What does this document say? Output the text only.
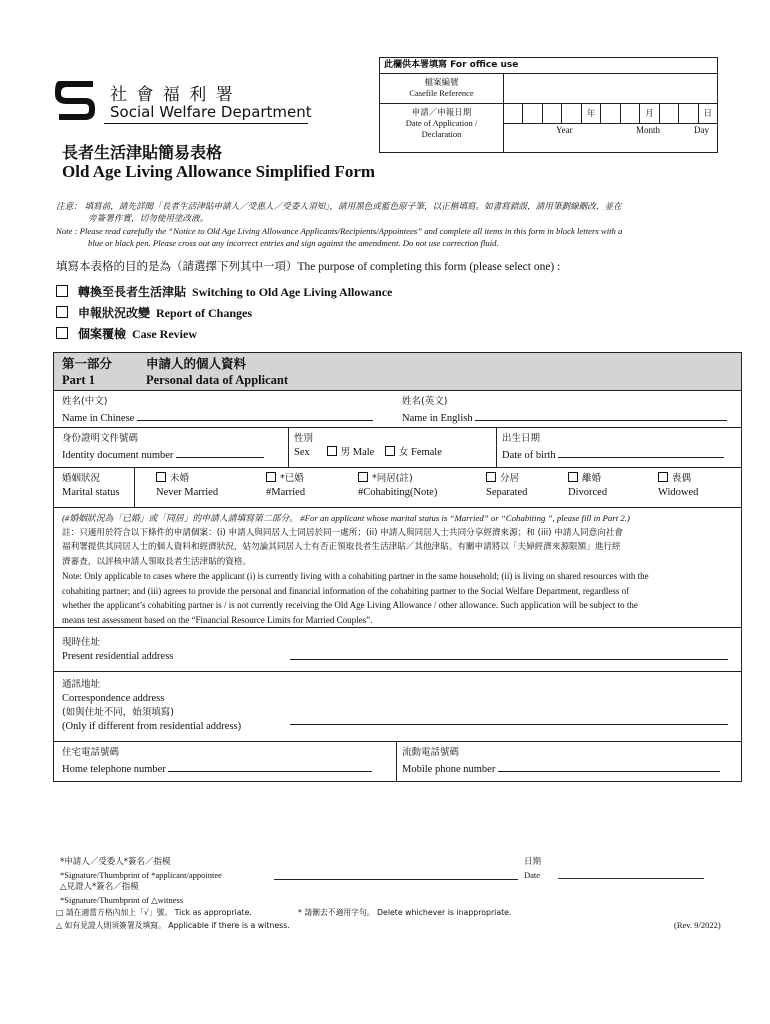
此欄供本署填寫 For office use
檔案編號
Casefile Reference
申請／申報日期
Date of Application /
Declaration
年	月	日
Year	Month	Day
社 會 福 利 署
Social Welfare Department
長者生活津貼簡易表格
Old Age Living Allowance Simplified Form
注意： 填寫前，請先詳閱「長者生活津貼申請人／受惠人／受委人須知」，請用黑色或藍色原子筆，以正楷填寫。如書寫錯誤，請用筆劃線刪改，並在
旁簽署作實，切勿使用塗改液。
Note : Please read carefully the “Notice to Old Age Living Allowance Applicants/Recipients/Appointees” and complete all items in this form in block letters with a
blue or black pen. Please cross out any incorrect entries and sign against the amendment. Do not use correction fluid.
填寫本表格的目的是為（請選擇下列其中一項）The purpose of completing this form (please select one) :
轉換至長者生活津貼 Switching to Old Age Living Allowance
申報狀況改變 Report of Changes
個案覆檢 Case Review
第一部分	申請人的個人資料
Part 1	Personal data of Applicant
姓名(中文)
Name in Chinese
姓名(英文)
Name in English
身份證明文件號碼
Identity document number
性別
Sex	男 Male	女 Female
出生日期
Date of birth
婚姻狀況
Marital status
未婚
Never Married
*已婚
#Married
*同居(註)
#Cohabiting(Note)
分居
Separated
離婚
Divorced
喪偶
Widowed
(#婚姻狀況為「已婚」或「同居」的申請人請填寫第二部分。 #For an applicant whose marital status is “Married” or “Cohabiting ”, please fill in Part 2.)
註：只適用於符合以下條件的申請個案：(i) 申請人與同居人士同居於同一處所；(ii) 申請人與同居人士共同分享經濟來源；和 (iii) 申請人同意向社會
福利署提供其同居人士的個人資料和經濟狀況，姑勿論其同居人士有否正領取長者生活津貼／其他津貼。有關申請將以「夫婦經濟來源限額」進行經
濟審查，以評核申請人領取長者生活津貼的資格。
Note: Only applicable to cases where the applicant (i) is currently living with a cohabiting partner in the same household; (ii) is living on shared resources with the
cohabiting partner; and (iii) agrees to provide the personal and financial information of the cohabiting partner to the Social Welfare Department, regardless of
whether the applicant’s cohabiting partner is / is not currently receiving the Old Age Living Allowance / other allowance. Such application will be subject to the
means test assessment based on the “Financial Resource Limits for Married Couples”.
現時住址
Present residential address
通訊地址
Correspondence address
(如與住址不同，始須填寫)
(Only if different from residential address)
住宅電話號碼
Home telephone number
流動電話號碼
Mobile phone number
*申請人／受委人*簽名／指模
*Signature/Thumbprint of *applicant/appointee
△見證人*簽名／指模
*Signature/Thumbprint of △witness
日期
Date
□ 請在適當方格內加上「√」號。 Tick as appropriate.	* 請刪去不適用字句。 Delete whichever is inappropriate.
△ 如有見證人則須簽署及填寫。 Applicable if there is a witness.	(Rev. 9/2022)
